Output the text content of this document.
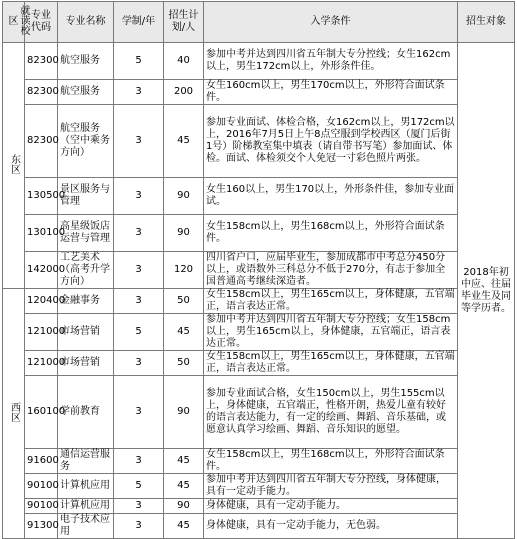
就读校区	专业代码	专业名称	学制/年	招生计划/人	入学条件	招生对象
东区	82300	航空服务	5	40	参加中考并达到四川省五年制大专分控线；女生162cm以上，男生172cm以上，外形条件佳。	2018年初中应、往届毕业生及同等学历者。
	82300	航空服务	3	200	女生160cm以上，男生170cm以上，外形符合面试条件。	
	82300	航空服务（空中乘务方向）	3	45	参加专业面试、体检合格，女162cm以上，男172cm以上，2016年7月5日上午8点空服到学校西区（厦门后街1号）阶梯教室集中填表（请自带书写笔）参加面试、体检。面试、体检须交个人免冠一寸彩色照片两张。	
	130500	景区服务与管理	3	90	女生160以上，男生170以上，外形条件佳，参加专业面试。	
	130100	高星级饭店运营与管理	3	90	女生158cm以上，男生168cm以上，外形符合面试条件。	
	142000	工艺美术（高考升学方向）	3	120	四川省户口，应届毕业生，参加成都市中考总分450分以上，或语数外三科总分不低于270分，有志于参加全国普通高考继续深造者。	
西区	120400	金融事务	3	50	女生158cm以上，男生165cm以上，身体健康，五官端正，语言表达正常。	
	121000	市场营销	5	45	参加中考并达到四川省五年制大专分控线；女生158cm以上，男生165cm以上，身体健康，五官端正，语言表达正常。	
	121000	市场营销	3	50	女生158cm以上，男生165cm以上，身体健康，五官端正，语言表达正常。	
	160100	学前教育	3	90	参加专业面试合格，女生150cm以上，男生155cm以上，身体健康，五官端正，性格开朗，热爱儿童有较好的语言表达能力，有一定的绘画、舞蹈、音乐基础，或愿意认真学习绘画、舞蹈、音乐知识的愿望。	
	91600	通信运营服务	3	45	女生158cm以上，男生168cm以上，外形符合面试条件。	
	90100	计算机应用	5	45	参加中考并达到四川省五年制大专分控线，身体健康，具有一定动手能力。	
	90100	计算机应用	3	90	身体健康，具有一定动手能力。	
	91300	电子技术应用	3	45	身体健康，具有一定动手能力，无色弱。	
